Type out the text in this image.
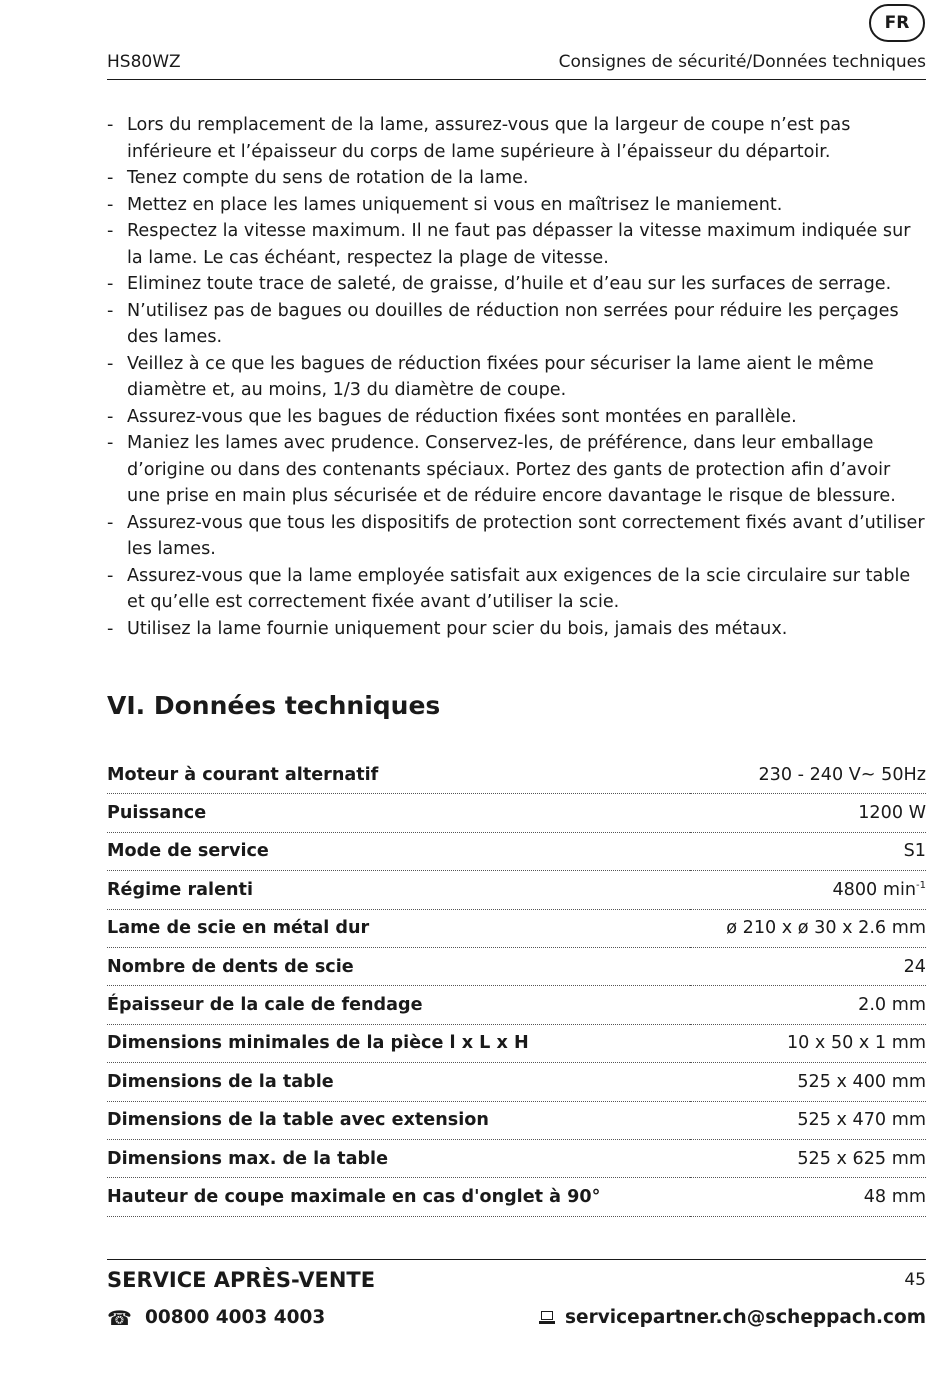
FR
HS80WZ	Consignes de sécurité/Données techniques
- Lors du remplacement de la lame, assurez-vous que la largeur de coupe n’est pas inférieure et l’épaisseur du corps de lame supérieure à l’épaisseur du départoir.
- Tenez compte du sens de rotation de la lame.
- Mettez en place les lames uniquement si vous en maîtrisez le maniement.
- Respectez la vitesse maximum. Il ne faut pas dépasser la vitesse maximum indiquée sur la lame. Le cas échéant, respectez la plage de vitesse.
- Eliminez toute trace de saleté, de graisse, d’huile et d’eau sur les surfaces de serrage.
- N’utilisez pas de bagues ou douilles de réduction non serrées pour réduire les perçages des lames.
- Veillez à ce que les bagues de réduction fixées pour sécuriser la lame aient le même diamètre et, au moins, 1/3 du diamètre de coupe.
- Assurez-vous que les bagues de réduction fixées sont montées en parallèle.
- Maniez les lames avec prudence. Conservez-les, de préférence, dans leur emballage d’origine ou dans des contenants spéciaux. Portez des gants de protection afin d’avoir une prise en main plus sécurisée et de réduire encore davantage le risque de blessure.
- Assurez-vous que tous les dispositifs de protection sont correctement fixés avant d’utiliser les lames.
- Assurez-vous que la lame employée satisfait aux exigences de la scie circulaire sur table et qu’elle est correctement fixée avant d’utiliser la scie.
- Utilisez la lame fournie uniquement pour scier du bois, jamais des métaux.
VI. Données techniques
Moteur à courant alternatif	230 - 240 V~ 50Hz
Puissance	1200 W
Mode de service	S1
Régime ralenti	4800 $\min^{-1}$
Lame de scie en métal dur	ø 210 x ø 30 x 2.6 mm
Nombre de dents de scie	24
Épaisseur de la cale de fendage	2.0 mm
Dimensions minimales de la pièce l x L x H	10 x 50 x 1 mm
Dimensions de la table	525 x 400 mm
Dimensions de la table avec extension	525 x 470 mm
Dimensions max. de la table	525 x 625 mm
Hauteur de coupe maximale en cas d'onglet à 90°	48 mm
SERVICE APRÈS-VENTE	45
☎ 00800 4003 4003	servicepartner.ch@scheppach.com
